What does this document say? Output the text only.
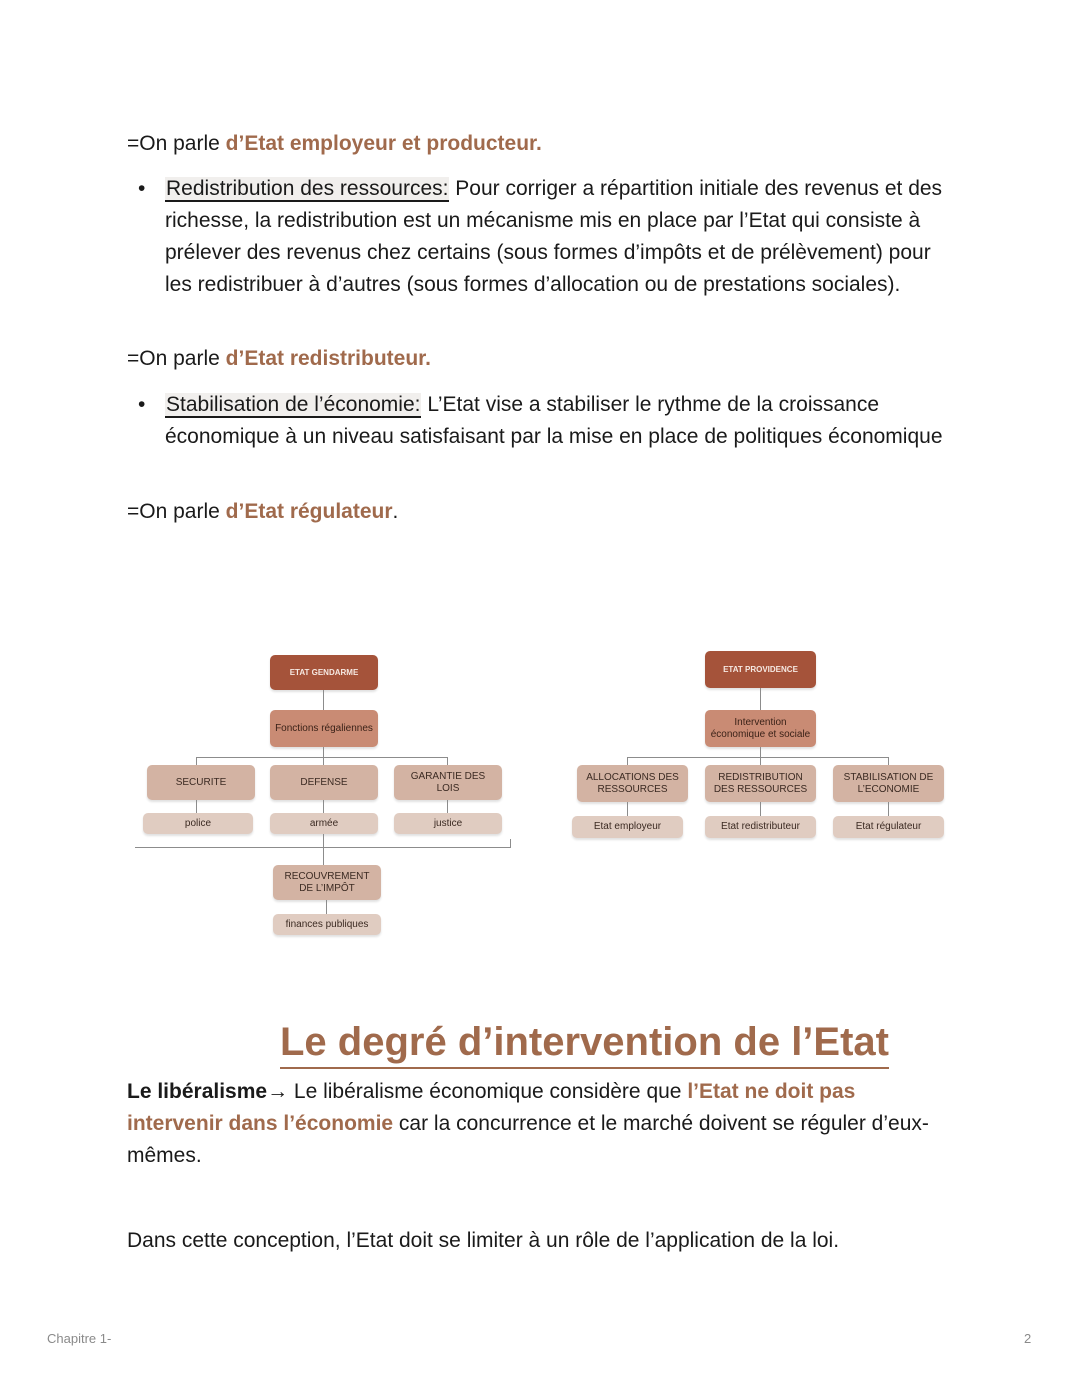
=On parle d’Etat employeur et producteur.

• Redistribution des ressources: Pour corriger a répartition initiale des revenus et des richesse, la redistribution est un mécanisme mis en place par l’Etat qui consiste à prélever des revenus chez certains (sous formes d’impôts et de prélèvement) pour les redistribuer à d’autres (sous formes d’allocation ou de prestations sociales).

=On parle d’Etat redistributeur.

• Stabilisation de l’économie: L’Etat vise a stabiliser le rythme de la croissance économique à un niveau satisfaisant par la mise en place de politiques économique

=On parle d’Etat régulateur.

ETAT GENDARME
Fonctions régaliennes
SECURITE	DEFENSE
GARANTIE DES LOIS
police	armée	justice
RECOUVREMENT DE L’IMPÔT
finances publiques
ETAT PROVIDENCE
Intervention économique et sociale
ALLOCATIONS DES RESSOURCES
REDISTRIBUTION DES RESSOURCES
STABILISATION DE L’ECONOMIE
Etat employeur	Etat redistributeur	Etat régulateur
Le degré d’intervention de l’Etat

Le libéralisme→ Le libéralisme économique considère que l’Etat ne doit pas intervenir dans l’économie car la concurrence et le marché doivent se réguler d’eux-mêmes.

Dans cette conception, l’Etat doit se limiter à un rôle de l’application de la loi.

Chapitre 1-	2
